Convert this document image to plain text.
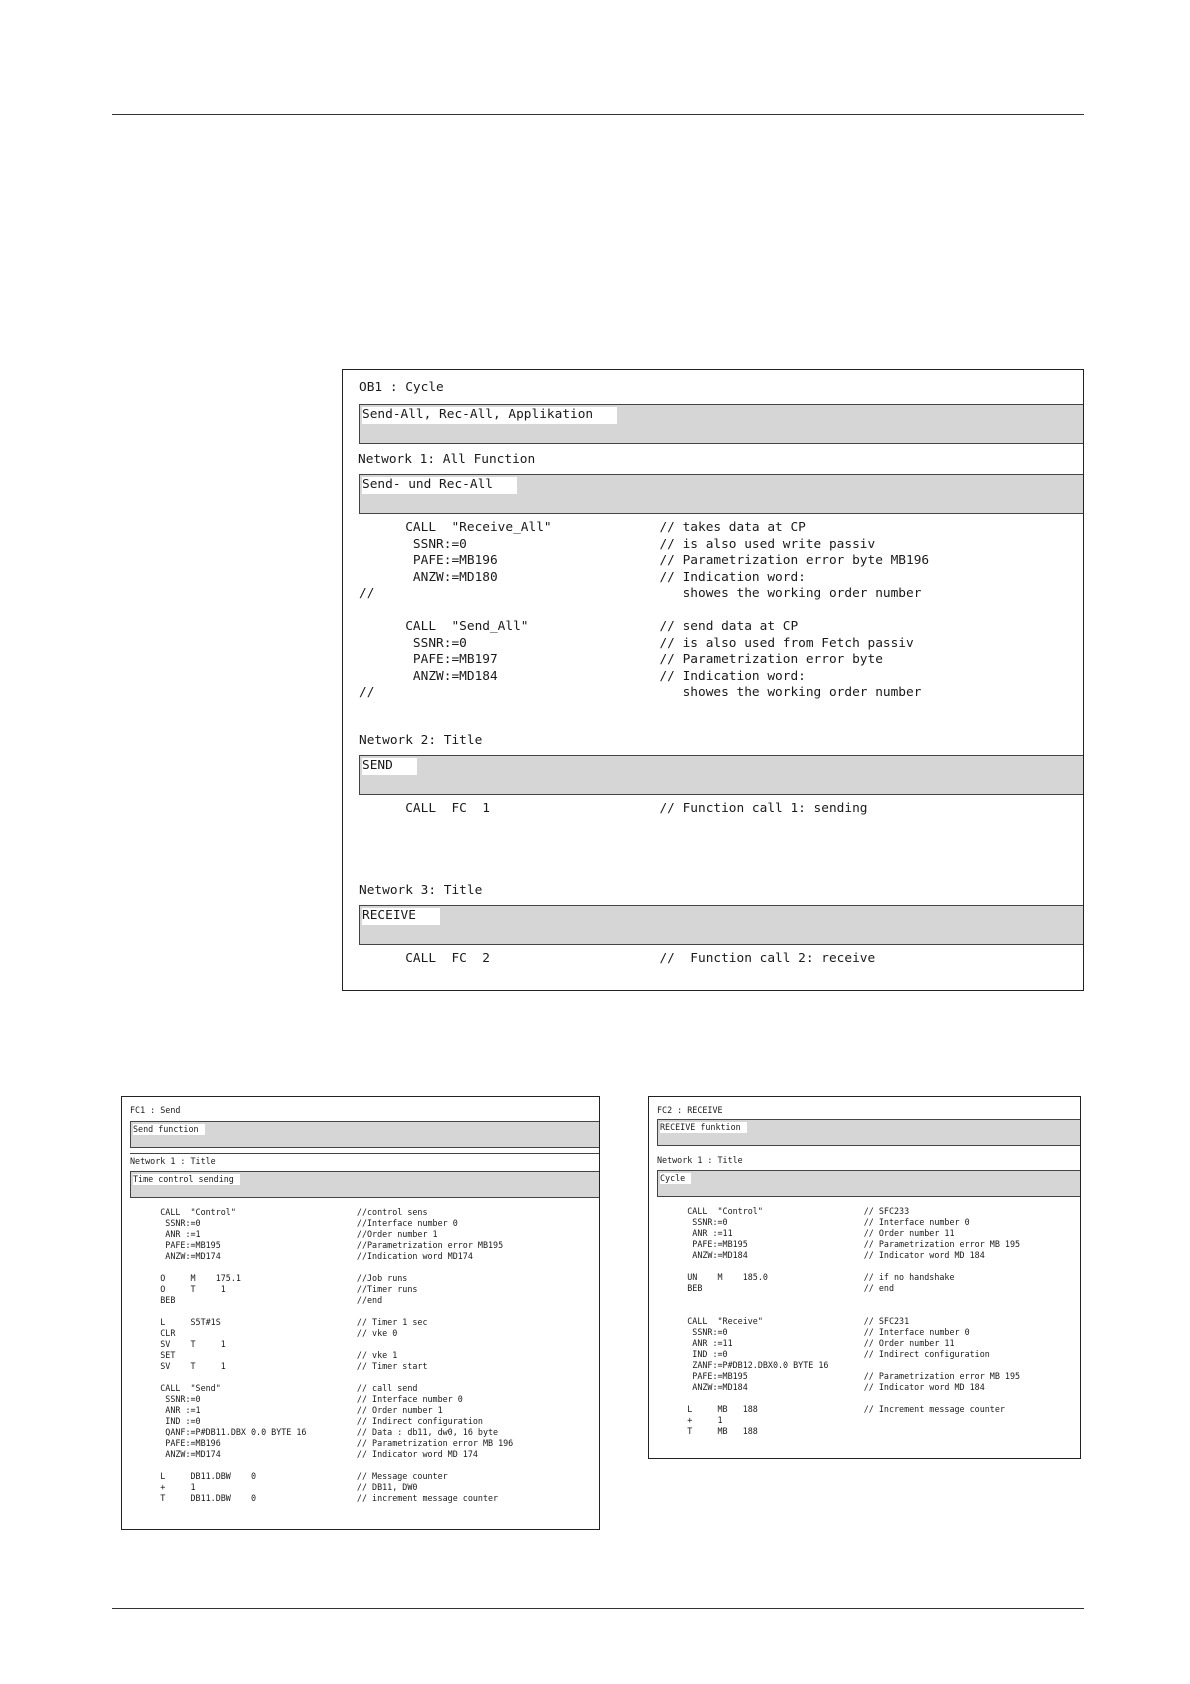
OB1 : Cycle
Send-All, Rec-All, Applikation
Network 1: All Function
Send- und Rec-All
CALL  "Receive_All"              // takes data at CP
SSNR:=0                         // is also used write passiv
PAFE:=MB196                     // Parametrization error byte MB196
ANZW:=MD180                     // Indication word:
//                                        showes the working order number

CALL  "Send_All"                 // send data at CP
SSNR:=0                         // is also used from Fetch passiv
PAFE:=MB197                     // Parametrization error byte
ANZW:=MD184                     // Indication word:
//                                        showes the working order number
Network 2: Title
SEND
CALL  FC  1                      // Function call 1: sending
Network 3: Title
RECEIVE
CALL  FC  2                      //  Function call 2: receive
FC1 : Send
Send function
Network 1 : Title
Time control sending
CALL  "Control"                        //control sens
SSNR:=0                               //Interface number 0
ANR :=1                               //Order number 1
PAFE:=MB195                           //Parametrization error MB195
ANZW:=MD174                           //Indication word MD174

O     M    175.1                       //Job runs
O     T     1                          //Timer runs
BEB                                    //end

L     S5T#1S                           // Timer 1 sec
CLR                                    // vke 0
SV    T     1
SET                                    // vke 1
SV    T     1                          // Timer start

CALL  "Send"                           // call send
SSNR:=0                               // Interface number 0
ANR :=1                               // Order number 1
IND :=0                               // Indirect configuration
QANF:=P#DB11.DBX 0.0 BYTE 16          // Data : db11, dw0, 16 byte
PAFE:=MB196                           // Parametrization error MB 196
ANZW:=MD174                           // Indicator word MD 174

L     DB11.DBW    0                    // Message counter
+     1                                // DB11, DW0
T     DB11.DBW    0                    // increment message counter
FC2 : RECEIVE
RECEIVE funktion
Network 1 : Title
Cycle
CALL  "Control"                    // SFC233
SSNR:=0                           // Interface number 0
ANR :=11                          // Order number 11
PAFE:=MB195                       // Parametrization error MB 195
ANZW:=MD184                       // Indicator word MD 184

UN    M    185.0                   // if no handshake
BEB                                // end

CALL  "Receive"                    // SFC231
SSNR:=0                           // Interface number 0
ANR :=11                          // Order number 11
IND :=0                           // Indirect configuration
ZANF:=P#DB12.DBX0.0 BYTE 16
PAFE:=MB195                       // Parametrization error MB 195
ANZW:=MD184                       // Indicator word MD 184

L     MB   188                     // Increment message counter
+     1
T     MB   188
